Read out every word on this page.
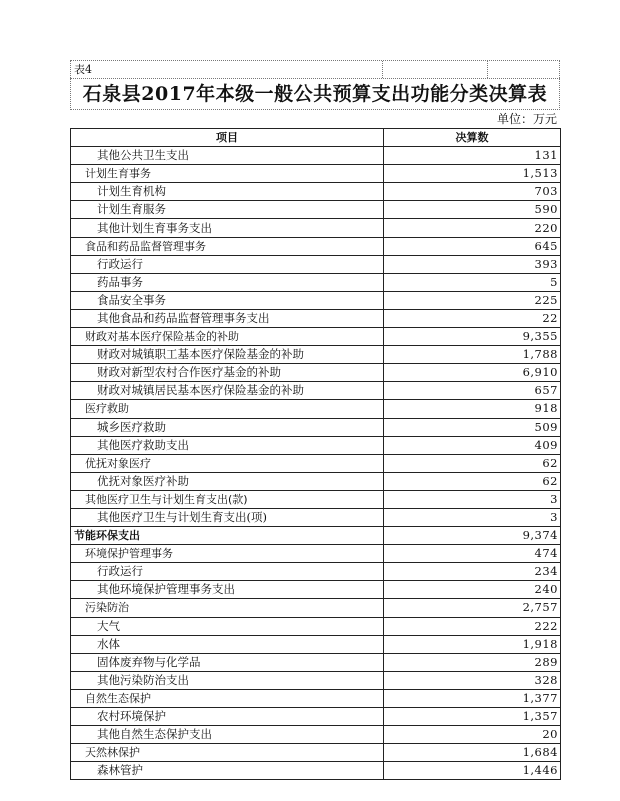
表4
石泉县2017年本级一般公共预算支出功能分类决算表
单位：万元
项目	决算数
其他公共卫生支出	131
计划生育事务	1,513
计划生育机构	703
计划生育服务	590
其他计划生育事务支出	220
食品和药品监督管理事务	645
行政运行	393
药品事务	5
食品安全事务	225
其他食品和药品监督管理事务支出	22
财政对基本医疗保险基金的补助	9,355
财政对城镇职工基本医疗保险基金的补助	1,788
财政对新型农村合作医疗基金的补助	6,910
财政对城镇居民基本医疗保险基金的补助	657
医疗救助	918
城乡医疗救助	509
其他医疗救助支出	409
优抚对象医疗	62
优抚对象医疗补助	62
其他医疗卫生与计划生育支出(款)	3
其他医疗卫生与计划生育支出(项)	3
节能环保支出	9,374
环境保护管理事务	474
行政运行	234
其他环境保护管理事务支出	240
污染防治	2,757
大气	222
水体	1,918
固体废弃物与化学品	289
其他污染防治支出	328
自然生态保护	1,377
农村环境保护	1,357
其他自然生态保护支出	20
天然林保护	1,684
森林管护	1,446
